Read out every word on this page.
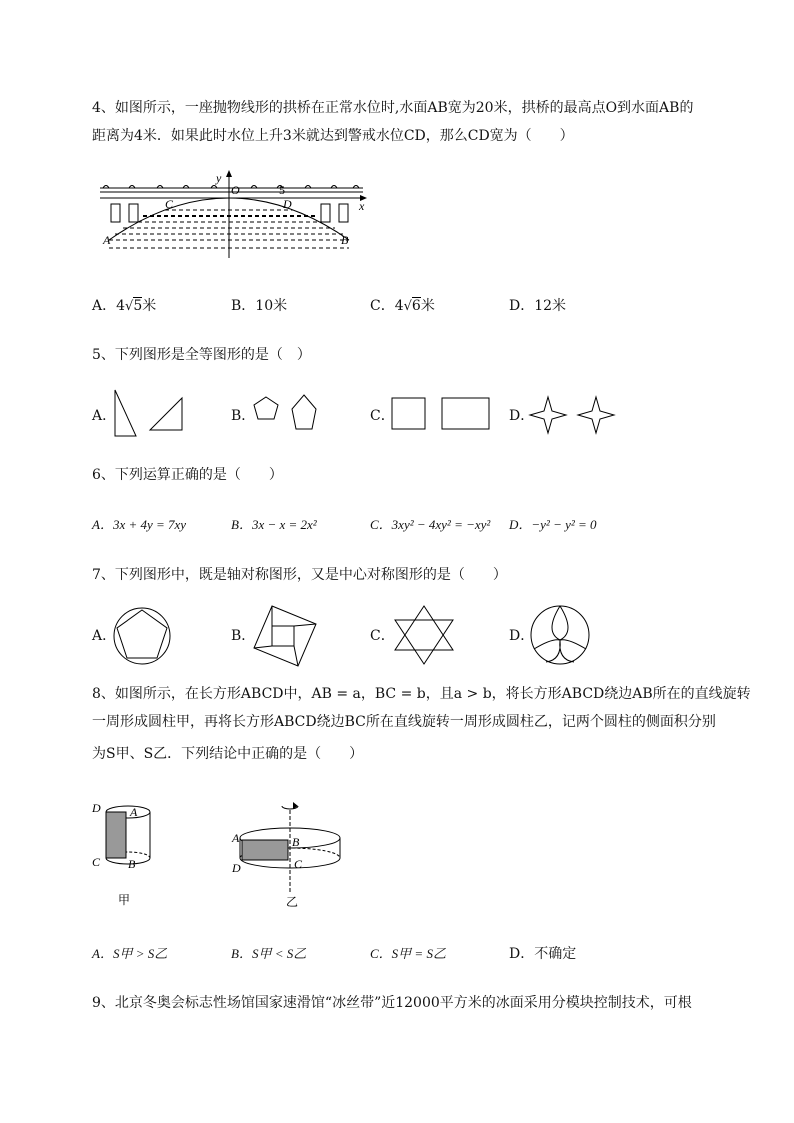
4、如图所示，一座抛物线形的拱桥在正常水位时,水面AB宽为20米，拱桥的最高点O到水面AB的
距离为4米．如果此时水位上升3米就达到警戒水位CD，那么CD宽为（　　）
y
O	5
x
C	D
A	B
A．4√5米	B．10米	C．4√6米	D．12米
5、下列图形是全等图形的是（　）
A．	B．	C．	D．
6、下列运算正确的是（　　）
A．3x + 4y = 7xy	B．3x − x = 2x²	C．3xy² − 4xy² = −xy² D．−y² − y² = 0
7、下列图形中，既是轴对称图形，又是中心对称图形的是（　　）
A．	B．	C．	D．
8、如图所示，在长方形ABCD中，AB = a，BC = b，且a > b，将长方形ABCD绕边AB所在的直线旋转
一周形成圆柱甲，再将长方形ABCD绕边BC所在直线旋转一周形成圆柱乙，记两个圆柱的侧面积分别
为S甲、S乙．下列结论中正确的是（　　）
D A
C B
甲
A	B
D	C
乙
A．S甲 > S乙	B．S甲 < S乙	C．S甲 = S乙	D．不确定
9、北京冬奥会标志性场馆国家速滑馆“冰丝带”近12000平方米的冰面采用分模块控制技术，可根
